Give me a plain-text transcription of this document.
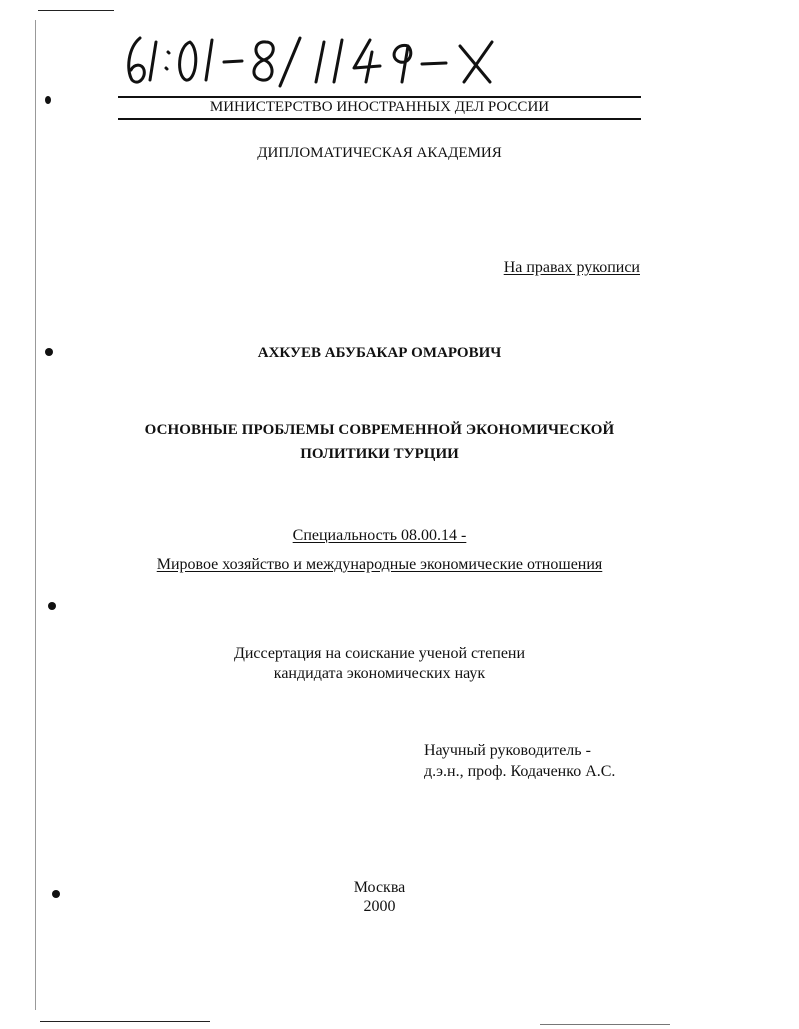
МИНИСТЕРСТВО ИНОСТРАННЫХ ДЕЛ РОССИИ
ДИПЛОМАТИЧЕСКАЯ АКАДЕМИЯ
На правах рукописи
АХКУЕВ АБУБАКАР ОМАРОВИЧ
ОСНОВНЫЕ ПРОБЛЕМЫ СОВРЕМЕННОЙ ЭКОНОМИЧЕСКОЙ
ПОЛИТИКИ ТУРЦИИ
Специальность 08.00.14 -
Мировое хозяйство и международные экономические отношения
Диссертация на соискание ученой степени
кандидата экономических наук
Научный руководитель -
д.э.н., проф. Кодаченко А.С.
Москва
2000
